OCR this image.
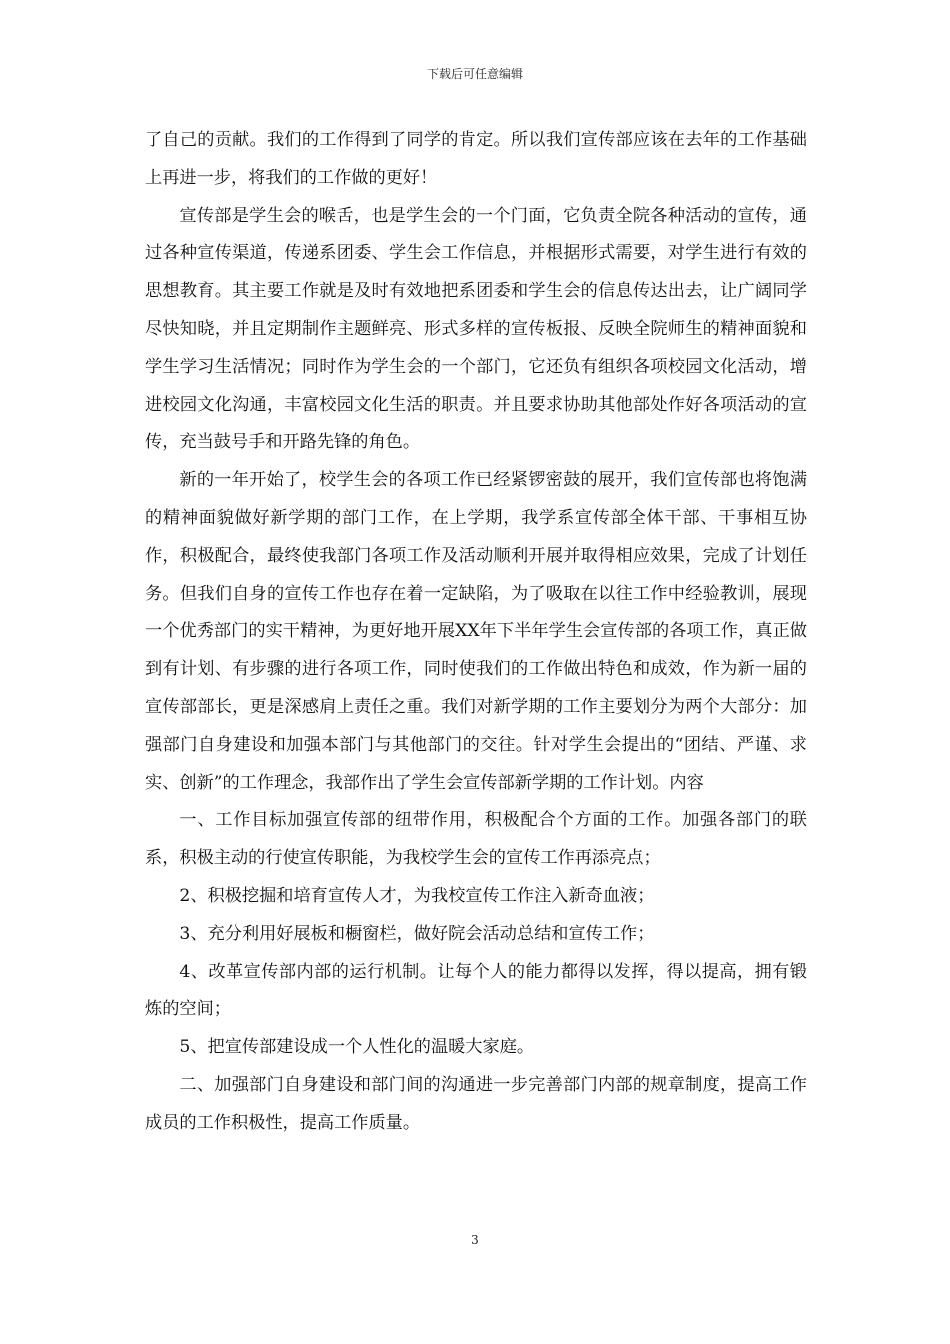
下载后可任意编辑

了自己的贡献。我们的工作得到了同学的肯定。所以我们宣传部应该在去年的工作基础上再进一步，将我们的工作做的更好！

宣传部是学生会的喉舌，也是学生会的一个门面，它负责全院各种活动的宣传，通过各种宣传渠道，传递系团委、学生会工作信息，并根据形式需要，对学生进行有效的思想教育。其主要工作就是及时有效地把系团委和学生会的信息传达出去，让广阔同学尽快知晓，并且定期制作主题鲜亮、形式多样的宣传板报、反映全院师生的精神面貌和学生学习生活情况；同时作为学生会的一个部门，它还负有组织各项校园文化活动，增进校园文化沟通，丰富校园文化生活的职责。并且要求协助其他部处作好各项活动的宣传，充当鼓号手和开路先锋的角色。

新的一年开始了，校学生会的各项工作已经紧锣密鼓的展开，我们宣传部也将饱满的精神面貌做好新学期的部门工作，在上学期，我学系宣传部全体干部、干事相互协作，积极配合，最终使我部门各项工作及活动顺利开展并取得相应效果，完成了计划任务。但我们自身的宣传工作也存在着一定缺陷，为了吸取在以往工作中经验教训，展现一个优秀部门的实干精神，为更好地开展XX年下半年学生会宣传部的各项工作，真正做到有计划、有步骤的进行各项工作，同时使我们的工作做出特色和成效，作为新一届的宣传部部长，更是深感肩上责任之重。我们对新学期的工作主要划分为两个大部分：加强部门自身建设和加强本部门与其他部门的交往。针对学生会提出的“团结、严谨、求实、创新”的工作理念，我部作出了学生会宣传部新学期的工作计划。内容

一、工作目标加强宣传部的纽带作用，积极配合个方面的工作。加强各部门的联系，积极主动的行使宣传职能，为我校学生会的宣传工作再添亮点；

2、积极挖掘和培育宣传人才，为我校宣传工作注入新奇血液；

3、充分利用好展板和橱窗栏，做好院会活动总结和宣传工作；

4、改革宣传部内部的运行机制。让每个人的能力都得以发挥，得以提高，拥有锻炼的空间；

5、把宣传部建设成一个人性化的温暖大家庭。

二、加强部门自身建设和部门间的沟通进一步完善部门内部的规章制度，提高工作成员的工作积极性，提高工作质量。

3
